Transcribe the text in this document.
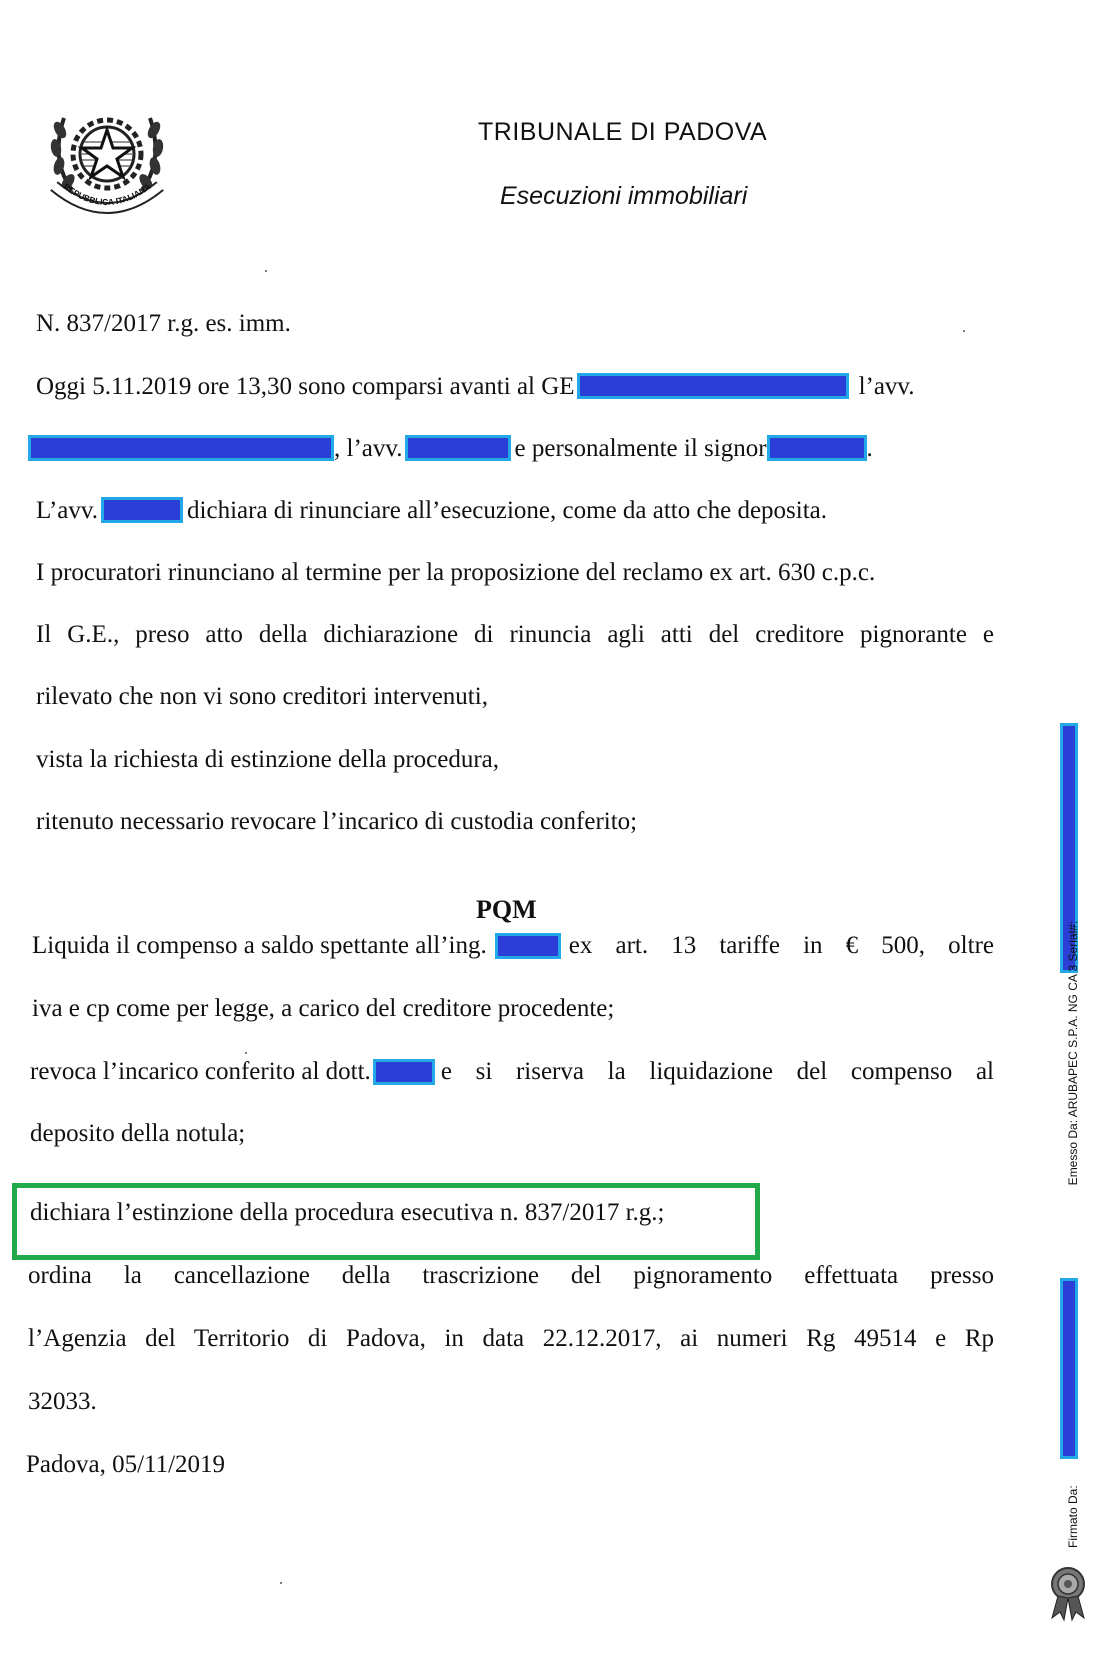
REPUBBLICA ITALIANA
TRIBUNALE DI PADOVA
Esecuzioni immobiliari
N. 837/2017 r.g. es. imm.
Oggi 5.11.2019 ore 13,30 sono comparsi avanti al GE	l’avv.
, l’avv.	e personalmente il signor	.
L’avv.	dichiara di rinunciare all’esecuzione, come da atto che deposita.
I procuratori rinunciano al termine per la proposizione del reclamo ex art. 630 c.p.c.
Il G.E., preso atto della dichiarazione di rinuncia agli atti del creditore pignorante e
rilevato che non vi sono creditori intervenuti,
vista la richiesta di estinzione della procedura,
ritenuto necessario revocare l’incarico di custodia conferito;
PQM
Liquida il compenso a saldo spettante all’ing.	ex art. 13 tariffe in € 500, oltre
iva e cp come per legge, a carico del creditore procedente;
revoca l’incarico conferito al dott.	e si riserva la liquidazione del compenso al
deposito della notula;
dichiara l’estinzione della procedura esecutiva n. 837/2017 r.g.;
ordina la cancellazione della trascrizione del pignoramento effettuata presso
l’Agenzia del Territorio di Padova, in data 22.12.2017, ai numeri Rg 49514 e Rp
32033.
Padova, 05/11/2019
Firmato Da:Emesso Da: ARUBAPEC S.P.A. NG CA 3 Serial#:
